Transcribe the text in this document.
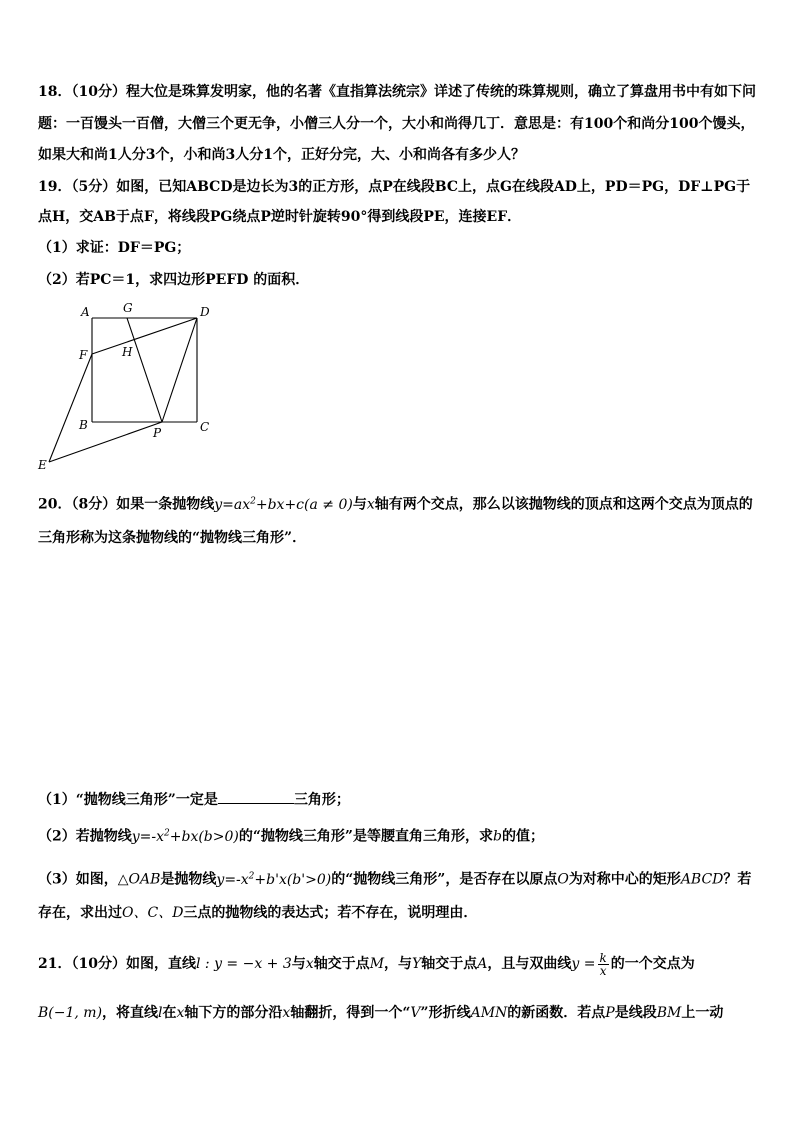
18．（10分）程大位是珠算发明家，他的名著《直指算法统宗》详述了传统的珠算规则，确立了算盘用书中有如下问
题：一百馒头一百僧，大僧三个更无争，小僧三人分一个，大小和尚得几丁．意思是：有100个和尚分100个馒头，
如果大和尚1人分3个，小和尚3人分1个，正好分完，大、小和尚各有多少人？
19．（5分）如图，已知ABCD是边长为3的正方形，点P在线段BC上，点G在线段AD上，PD＝PG，DF⊥PG于
点H，交AB于点F，将线段PG绕点P逆时针旋转90°得到线段PE，连接EF．
（1）求证：DF＝PG；
（2）若PC＝1，求四边形PEFD 的面积．
A	G	D
F	H
B
P	C
E
20．（8分）如果一条抛物线$y=ax^2+bx+c(a \ne 0)$与x轴有两个交点，那么以该抛物线的顶点和这两个交点为顶点的
三角形称为这条抛物线的“抛物线三角形”．
（1）“抛物线三角形”一定是	三角形；
（2）若抛物线$y=-x^2+bx(b>0)$的“抛物线三角形”是等腰直角三角形，求b的值；
（3）如图，△OAB是抛物线$y=-x^2+b'x(b'>0)$的“抛物线三角形”，是否存在以原点O为对称中心的矩形ABCD？若
存在，求出过O、C、D三点的抛物线的表达式；若不存在，说明理由．
21．（10分）如图，直线l : y = −x + 3与x轴交于点M，与Y轴交于点A，且与双曲线$y = \frac{k}{x}$ 的一个交点为
B(−1, m)，将直线l在x轴下方的部分沿x轴翻折，得到一个“V”形折线AMN的新函数．若点P是线段BM上一动
